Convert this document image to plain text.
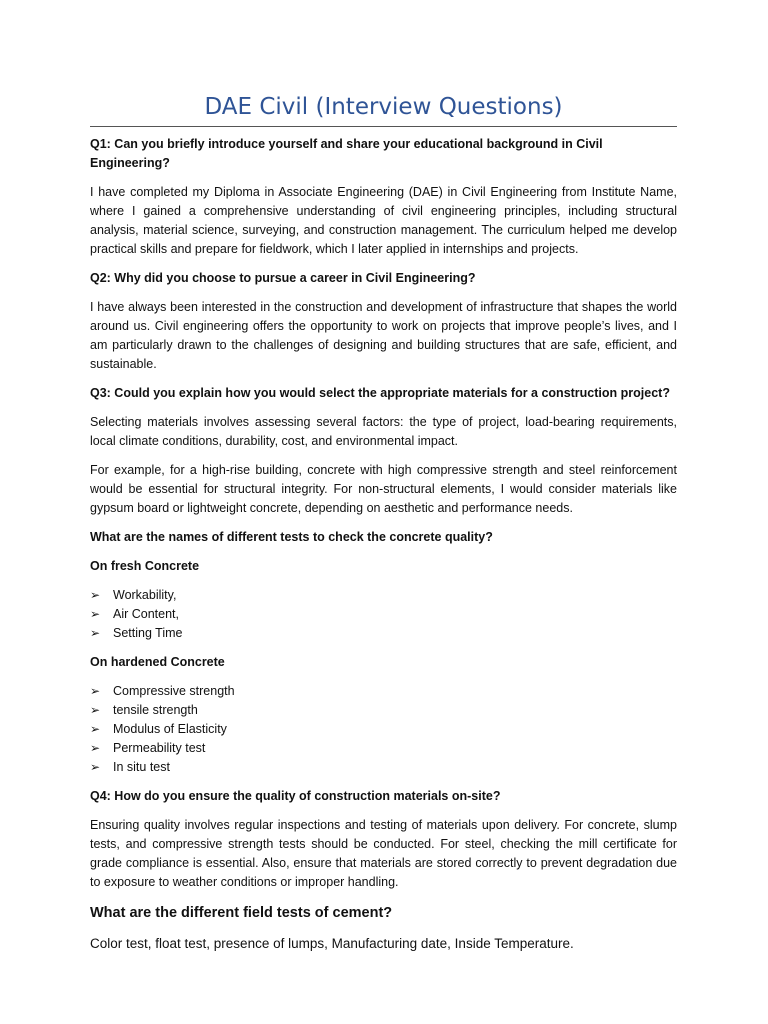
DAE Civil (Interview Questions)

Q1: Can you briefly introduce yourself and share your educational background in Civil Engineering?

I have completed my Diploma in Associate Engineering (DAE) in Civil Engineering from Institute Name, where I gained a comprehensive understanding of civil engineering principles, including structural analysis, material science, surveying, and construction management. The curriculum helped me develop practical skills and prepare for fieldwork, which I later applied in internships and projects.

Q2: Why did you choose to pursue a career in Civil Engineering?

I have always been interested in the construction and development of infrastructure that shapes the world around us. Civil engineering offers the opportunity to work on projects that improve people’s lives, and I am particularly drawn to the challenges of designing and building structures that are safe, efficient, and sustainable.

Q3: Could you explain how you would select the appropriate materials for a construction project?

Selecting materials involves assessing several factors: the type of project, load-bearing requirements, local climate conditions, durability, cost, and environmental impact.

For example, for a high-rise building, concrete with high compressive strength and steel reinforcement would be essential for structural integrity. For non-structural elements, I would consider materials like gypsum board or lightweight concrete, depending on aesthetic and performance needs.

What are the names of different tests to check the concrete quality?

On fresh Concrete

➢	Workability,
➢	Air Content,
➢	Setting Time

On hardened Concrete

➢	Compressive strength
➢	tensile strength
➢	Modulus of Elasticity
➢	Permeability test
➢	In situ test

Q4: How do you ensure the quality of construction materials on-site?

Ensuring quality involves regular inspections and testing of materials upon delivery. For concrete, slump tests, and compressive strength tests should be conducted. For steel, checking the mill certificate for grade compliance is essential. Also, ensure that materials are stored correctly to prevent degradation due to exposure to weather conditions or improper handling.

What are the different field tests of cement?

Color test, float test, presence of lumps, Manufacturing date, Inside Temperature.
